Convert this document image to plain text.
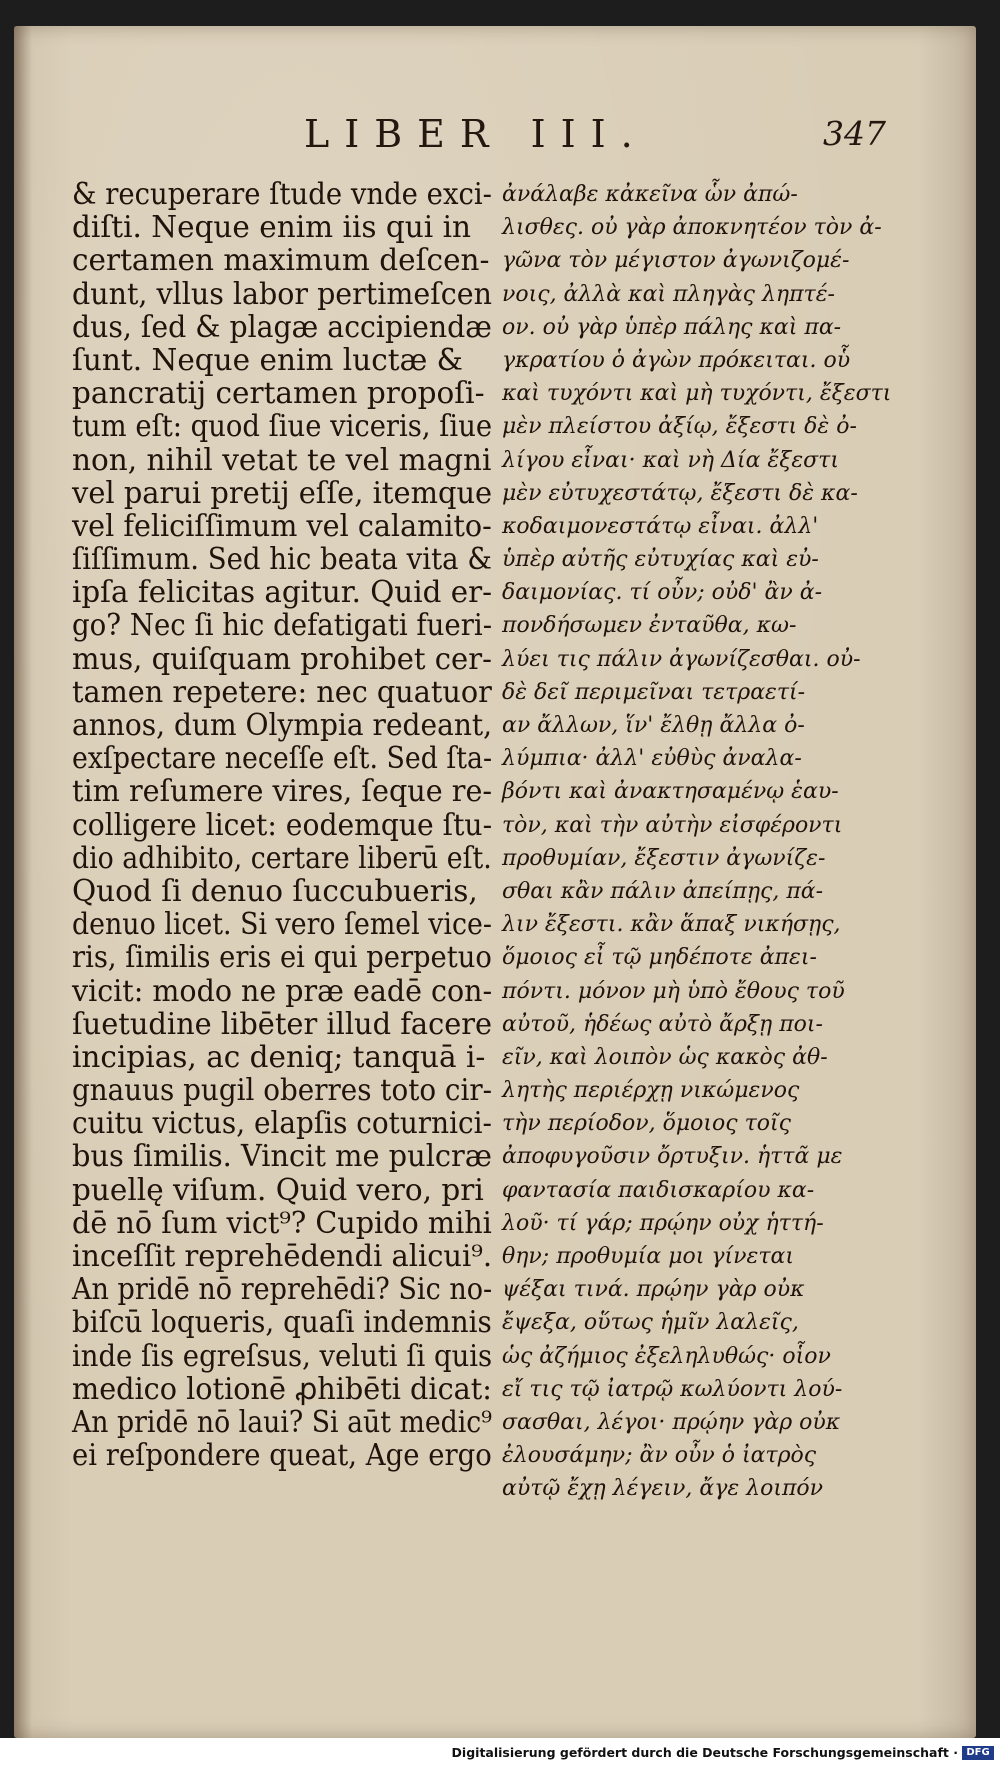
LIBER III.	347
& recuperare ſtude vnde exci-
diſti. Neque enim iis qui in
certamen maximum deſcen-
dunt, vllus labor pertimeſcen
dus, ſed & plagæ accipiendæ
ſunt. Neque enim luctæ &
pancratij certamen propoſi-
tum eſt: quod ſiue viceris, ſiue
non, nihil vetat te vel magni
vel parui pretij eſſe, itemque
vel feliciſſimum vel calamito-
ſiſſimum. Sed hic beata vita &
ipſa felicitas agitur. Quid er-
go? Nec ſi hic defatigati fueri-
mus, quiſquam prohibet cer-
tamen repetere: nec quatuor
annos, dum Olympia redeant,
exſpectare neceſſe eſt. Sed ſta-
tim reſumere vires, ſeque re-
colligere licet: eodemque ſtu-
dio adhibito, certare liberū eſt.
Quod ſi denuo ſuccubueris,
denuo licet. Si vero ſemel vice-
ris, ſimilis eris ei qui perpetuo
vicit: modo ne præ eadē con-
ſuetudine libēter illud facere
incipias, ac deniq; tanquā i-
gnauus pugil oberres toto cir-
cuitu victus, elapſis coturnici-
bus ſimilis. Vincit me pulcræ
puellę viſum. Quid vero, pri
dē nō ſum vict⁹? Cupido mihi
inceſſit reprehēdendi alicui⁹.
An pridē nō reprehēdi? Sic no-
biſcū loqueris, quaſi indemnis
inde ſis egreſsus, veluti ſi quis
medico lotionē ꝓhibēti dicat:
An pridē nō laui? Si aūt medic⁹
ei reſpondere queat, Age ergo
ἀνάλαβε κἀκεῖνα ὧν ἀπώ-
λισθες. οὐ γὰρ ἀποκνητέον τὸν ἀ-
γῶνα τὸν μέγιστον ἀγωνιζομέ-
νοις, ἀλλὰ καὶ πληγὰς ληπτέ-
ον. οὐ γὰρ ὑπὲρ πάλης καὶ πα-
γκρατίου ὁ ἀγὼν πρόκειται. οὗ
καὶ τυχόντι καὶ μὴ τυχόντι, ἔξεστι
μὲν πλείστου ἀξίῳ, ἔξεστι δὲ ὀ-
λίγου εἶναι· καὶ νὴ Δία ἔξεστι
μὲν εὐτυχεστάτῳ, ἔξεστι δὲ κα-
κοδαιμονεστάτῳ εἶναι. ἀλλ'
ὑπὲρ αὐτῆς εὐτυχίας καὶ εὐ-
δαιμονίας. τί οὖν; οὐδ' ἂν ἀ-
πονδήσωμεν ἐνταῦθα, κω-
λύει τις πάλιν ἀγωνίζεσθαι. οὐ-
δὲ δεῖ περιμεῖναι τετραετί-
αν ἄλλων, ἵν' ἔλθῃ ἄλλα ὀ-
λύμπια· ἀλλ' εὐθὺς ἀναλα-
βόντι καὶ ἀνακτησαμένῳ ἑαυ-
τὸν, καὶ τὴν αὐτὴν εἰσφέροντι
προθυμίαν, ἔξεστιν ἀγωνίζε-
σθαι κἂν πάλιν ἀπείπῃς, πά-
λιν ἔξεστι. κἂν ἅπαξ νικήσῃς,
ὅμοιος εἶ τῷ μηδέποτε ἀπει-
πόντι. μόνον μὴ ὑπὸ ἔθους τοῦ
αὐτοῦ, ἡδέως αὐτὸ ἄρξῃ ποι-
εῖν, καὶ λοιπὸν ὡς κακὸς ἀθ-
λητὴς περιέρχῃ νικώμενος
τὴν περίοδον, ὅμοιος τοῖς
ἀποφυγοῦσιν ὄρτυξιν. ἡττᾶ με
φαντασία παιδισκαρίου κα-
λοῦ· τί γάρ; πρῴην οὐχ ἡττή-
θην; προθυμία μοι γίνεται
ψέξαι τινά. πρῴην γὰρ οὐκ
ἔψεξα, οὕτως ἡμῖν λαλεῖς,
ὡς ἀζήμιος ἐξεληλυθώς· οἷον
εἴ τις τῷ ἰατρῷ κωλύοντι λού-
σασθαι, λέγοι· πρῴην γὰρ οὐκ
ἐλουσάμην; ἂν οὖν ὁ ἰατρὸς
αὐτῷ ἔχῃ λέγειν, ἄγε λοιπόν
Digitalisierung gefördert durch die Deutsche Forschungsgemeinschaft · DFG
